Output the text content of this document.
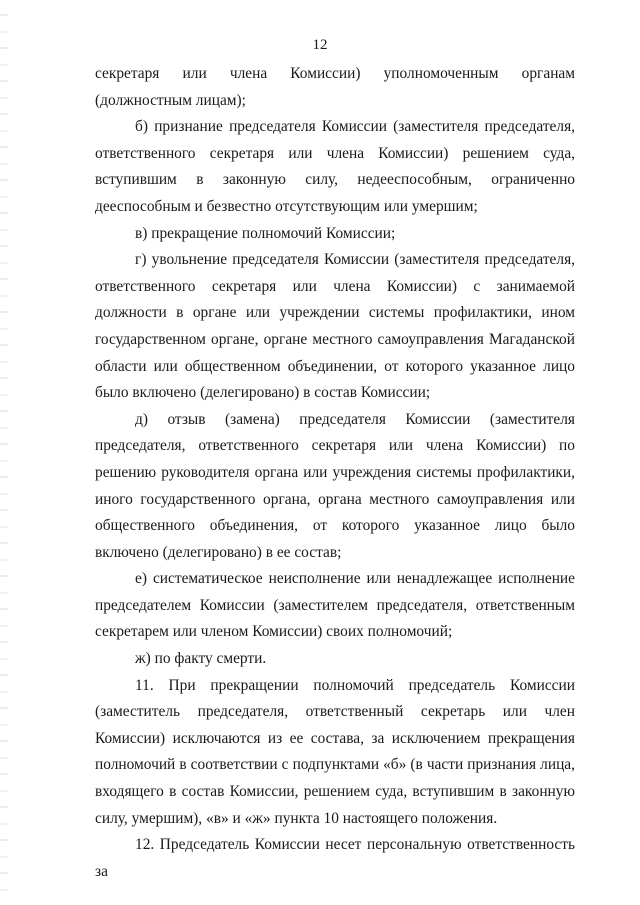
12

секретаря или члена Комиссии) уполномоченным органам (должностным лицам);

б) признание председателя Комиссии (заместителя председателя, ответственного секретаря или члена Комиссии) решением суда, вступившим в законную силу, недееспособным, ограниченно дееспособным и безвестно отсутствующим или умершим;

в) прекращение полномочий Комиссии;

г) увольнение председателя Комиссии (заместителя председателя, ответственного секретаря или члена Комиссии) с занимаемой должности в органе или учреждении системы профилактики, ином государственном органе, органе местного самоуправления Магаданской области или общественном объединении, от которого указанное лицо было включено (делегировано) в состав Комиссии;

д) отзыв (замена) председателя Комиссии (заместителя председателя, ответственного секретаря или члена Комиссии) по решению руководителя органа или учреждения системы профилактики, иного государственного органа, органа местного самоуправления или общественного объединения, от которого указанное лицо было включено (делегировано) в ее состав;

е) систематическое неисполнение или ненадлежащее исполнение председателем Комиссии (заместителем председателя, ответственным секретарем или членом Комиссии) своих полномочий;

ж) по факту смерти.

11. При прекращении полномочий председатель Комиссии (заместитель председателя, ответственный секретарь или член Комиссии) исключаются из ее состава, за исключением прекращения полномочий в соответствии с подпунктами «б» (в части признания лица, входящего в состав Комиссии, решением суда, вступившим в законную силу, умершим), «в» и «ж» пункта 10 настоящего положения.

12. Председатель Комиссии несет персональную ответственность за
